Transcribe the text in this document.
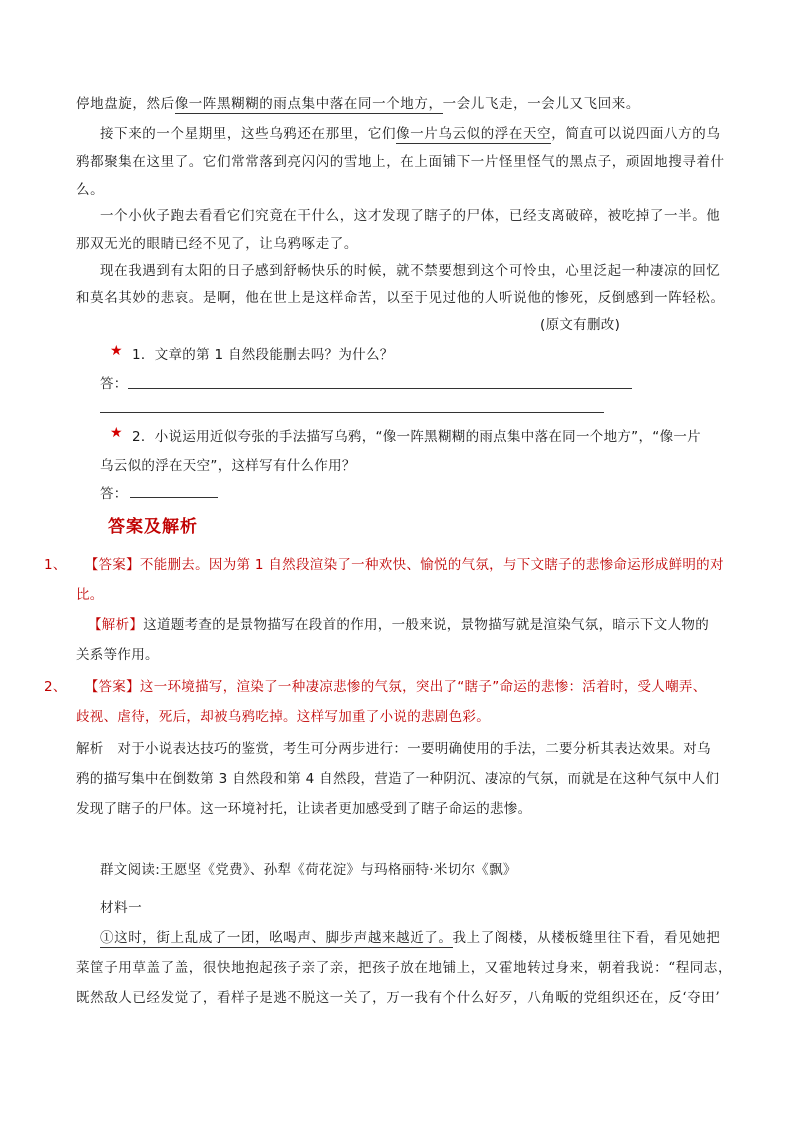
停地盘旋，然后像一阵黑糊糊的雨点集中落在同一个地方，一会儿飞走，一会儿又飞回来。
接下来的一个星期里，这些乌鸦还在那里，它们像一片乌云似的浮在天空，简直可以说四面八方的乌
鸦都聚集在这里了。它们常常落到亮闪闪的雪地上，在上面铺下一片怪里怪气的黑点子，顽固地搜寻着什
么。
一个小伙子跑去看看它们究竟在干什么，这才发现了瞎子的尸体，已经支离破碎，被吃掉了一半。他
那双无光的眼睛已经不见了，让乌鸦啄走了。
现在我遇到有太阳的日子感到舒畅快乐的时候，就不禁要想到这个可怜虫，心里泛起一种凄凉的回忆
和莫名其妙的悲哀。是啊，他在世上是这样命苦，以至于见过他的人听说他的惨死，反倒感到一阵轻松。
(原文有删改)
★ 1．文章的第 1 自然段能删去吗？为什么？
答：
★ 2．小说运用近似夸张的手法描写乌鸦，“像一阵黑糊糊的雨点集中落在同一个地方”，“像一片
乌云似的浮在天空”，这样写有什么作用？
答：
答案及解析
1、 【答案】不能删去。因为第 1 自然段渲染了一种欢快、愉悦的气氛，与下文瞎子的悲惨命运形成鲜明的对
比。
【解析】这道题考查的是景物描写在段首的作用，一般来说，景物描写就是渲染气氛，暗示下文人物的
关系等作用。
2、 【答案】这一环境描写，渲染了一种凄凉悲惨的气氛，突出了“瞎子”命运的悲惨：活着时，受人嘲弄、
歧视、虐待，死后，却被乌鸦吃掉。这样写加重了小说的悲剧色彩。
解析　对于小说表达技巧的鉴赏，考生可分两步进行：一要明确使用的手法，二要分析其表达效果。对乌
鸦的描写集中在倒数第 3 自然段和第 4 自然段，营造了一种阴沉、凄凉的气氛，而就是在这种气氛中人们
发现了瞎子的尸体。这一环境衬托，让读者更加感受到了瞎子命运的悲惨。
群文阅读:王愿坚《党费》、孙犁《荷花淀》与玛格丽特·米切尔《飘》
材料一
①这时，街上乱成了一团，吆喝声、脚步声越来越近了。我上了阁楼，从楼板缝里往下看，看见她把
菜筐子用草盖了盖，很快地抱起孩子亲了亲，把孩子放在地铺上，又霍地转过身来，朝着我说：“程同志，
既然敌人已经发觉了，看样子是逃不脱这一关了，万一我有个什么好歹，八角畈的党组织还在，反‘夺田’
